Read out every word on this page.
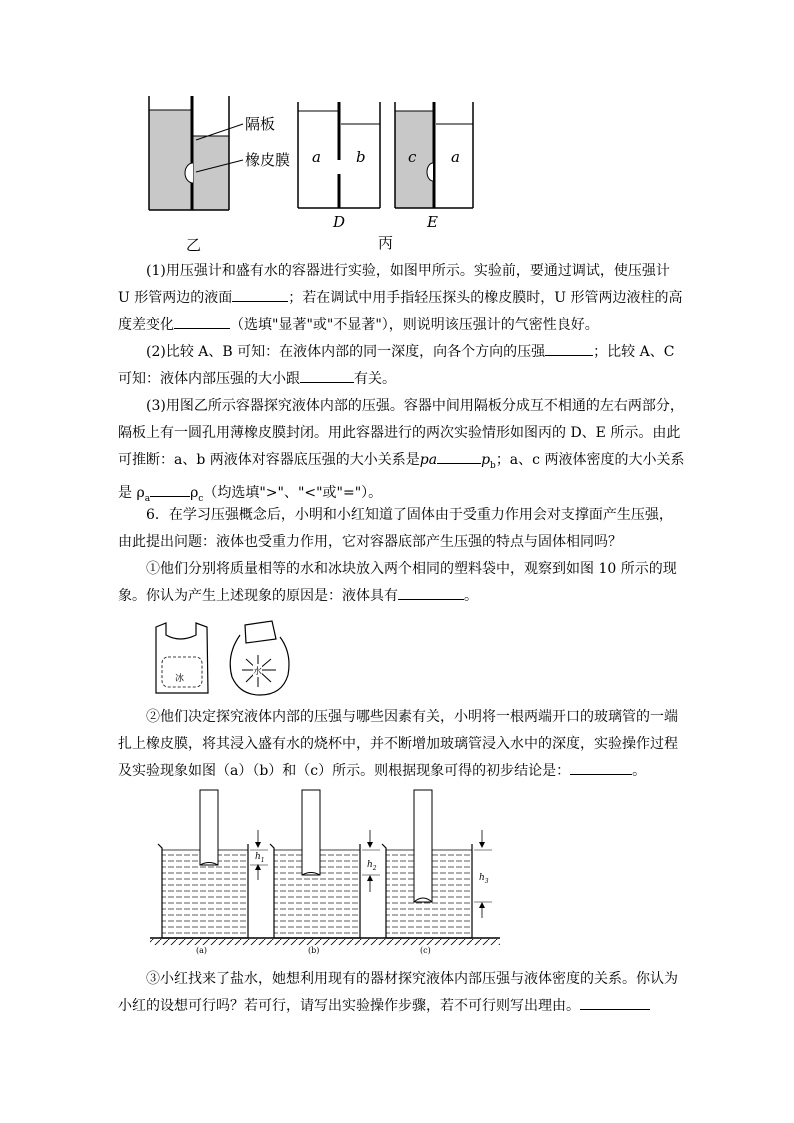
隔板
橡皮膜
乙	丙
a b
D
c a
E
(1)用压强计和盛有水的容器进行实验，如图甲所示。实验前，要通过调试，使压强计
U 形管两边的液面	；若在调试中用手指轻压探头的橡皮膜时，U 形管两边液柱的高
度差变化	（选填"显著"或"不显著"），则说明该压强计的气密性良好。
(2)比较 A、B 可知：在液体内部的同一深度，向各个方向的压强	；比较 A、C
可知：液体内部压强的大小跟	有关。
(3)用图乙所示容器探究液体内部的压强。容器中间用隔板分成互不相通的左右两部分，
隔板上有一圆孔用薄橡皮膜封闭。用此容器进行的两次实验情形如图丙的 D、E 所示。由此
可推断：a、b 两液体对容器底压强的大小关系是pa	$p_b$；a、c 两液体密度的大小关系
是 $\rho_a$	$\rho_c$（均选填">"、"<"或"="）。
6．在学习压强概念后，小明和小红知道了固体由于受重力作用会对支撑面产生压强，
由此提出问题：液体也受重力作用，它对容器底部产生压强的特点与固体相同吗？
①他们分别将质量相等的水和冰块放入两个相同的塑料袋中，观察到如图 10 所示的现
象。你认为产生上述现象的原因是：液体具有	。
冰
水
②他们决定探究液体内部的压强与哪些因素有关，小明将一根两端开口的玻璃管的一端
扎上橡皮膜，将其浸入盛有水的烧杯中，并不断增加玻璃管浸入水中的深度，实验操作过程
及实验现象如图（a）（b）和（c）所示。则根据现象可得的初步结论是：	。
$h_1$	$h_2$
$h_3$
(a)	(b)	(c)
③小红找来了盐水，她想利用现有的器材探究液体内部压强与液体密度的关系。你认为
小红的设想可行吗？若可行，请写出实验操作步骤，若不可行则写出理由。
